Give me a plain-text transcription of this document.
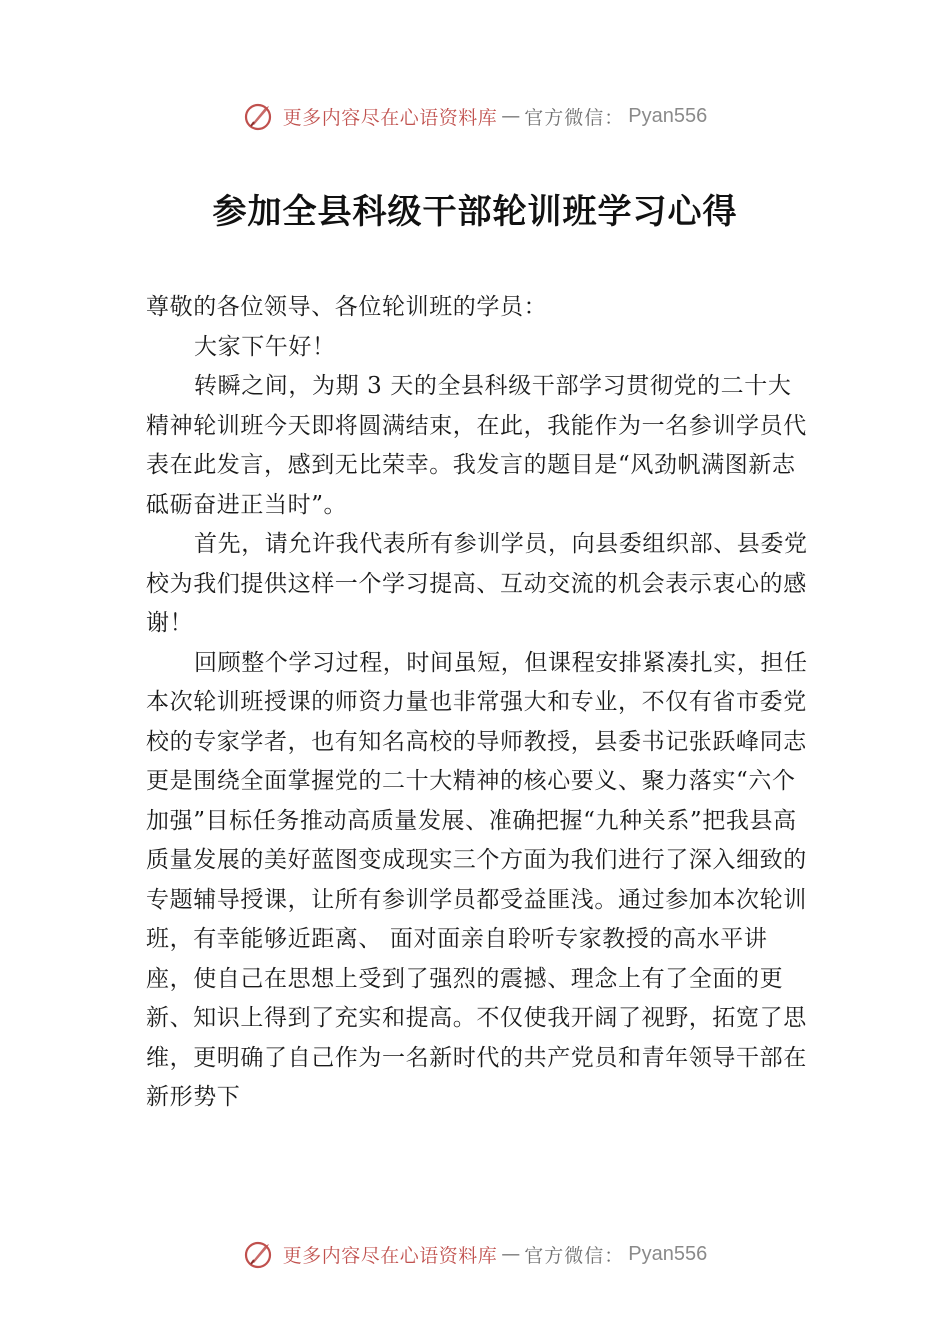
更多内容尽在心语资料库 — 官方微信： Pyan556
参加全县科级干部轮训班学习心得

尊敬的各位领导、各位轮训班的学员：

大家下午好！

转瞬之间，为期 3 天的全县科级干部学习贯彻党的二十大精神轮训班今天即将圆满结束，在此，我能作为一名参训学员代表在此发言，感到无比荣幸。我发言的题目是“风劲帆满图新志砥砺奋进正当时”。

首先，请允许我代表所有参训学员，向县委组织部、县委党校为我们提供这样一个学习提高、互动交流的机会表示衷心的感谢！

回顾整个学习过程，时间虽短，但课程安排紧凑扎实，担任本次轮训班授课的师资力量也非常强大和专业，不仅有省市委党校的专家学者，也有知名高校的导师教授，县委书记张跃峰同志更是围绕全面掌握党的二十大精神的核心要义、聚力落实“六个加强”目标任务推动高质量发展、准确把握“九种关系”把我县高质量发展的美好蓝图变成现实三个方面为我们进行了深入细致的专题辅导授课，让所有参训学员都受益匪浅。通过参加本次轮训班，有幸能够近距离、 面对面亲自聆听专家教授的高水平讲座，使自己在思想上受到了强烈的震撼、理念上有了全面的更新、知识上得到了充实和提高。不仅使我开阔了视野，拓宽了思维，更明确了自己作为一名新时代的共产党员和青年领导干部在新形势下

更多内容尽在心语资料库 — 官方微信： Pyan556
